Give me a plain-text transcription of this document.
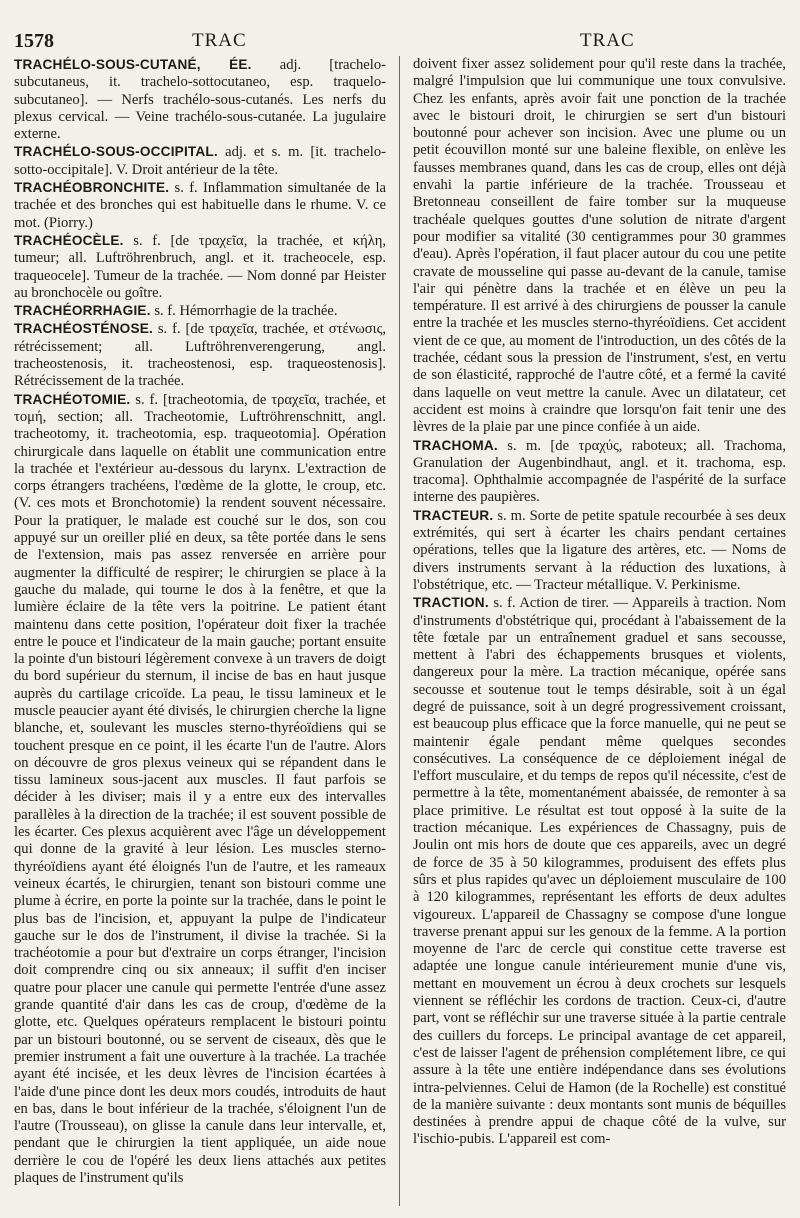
1578	TRAC	TRAC

TRACHÉLO-SOUS-CUTANÉ, ÉE. adj. [trachelo-subcutaneus, it. trachelo-sottocutaneo, esp. traquelo-subcutaneo]. — Nerfs trachélo-sous-cutanés. Les nerfs du plexus cervical. — Veine trachélo-sous-cutanée. La jugulaire externe.

TRACHÉLO-SOUS-OCCIPITAL. adj. et s. m. [it. trachelo-sotto-occipitale]. V. Droit antérieur de la tête.

TRACHÉOBRONCHITE. s. f. Inflammation simultanée de la trachée et des bronches qui est habituelle dans le rhume. V. ce mot. (Piorry.)

TRACHÉOCÈLE. s. f. [de τραχεῖα, la trachée, et κήλη, tumeur; all. Luftröhrenbruch, angl. et it. tracheocele, esp. traqueocele]. Tumeur de la trachée. — Nom donné par Heister au bronchocèle ou goître.

TRACHÉORRHAGIE. s. f. Hémorrhagie de la trachée.

TRACHÉOSTÉNOSE. s. f. [de τραχεῖα, trachée, et στένωσις, rétrécissement; all. Luftröhrenverengerung, angl. tracheostenosis, it. tracheostenosi, esp. traqueostenosis]. Rétrécissement de la trachée.

TRACHÉOTOMIE. s. f. [tracheotomia, de τραχεῖα, trachée, et τομή, section; all. Tracheotomie, Luftröhrenschnitt, angl. tracheotomy, it. tracheotomia, esp. traqueotomia]. Opération chirurgicale dans laquelle on établit une communication entre la trachée et l'extérieur au-dessous du larynx. L'extraction de corps étrangers trachéens, l'œdème de la glotte, le croup, etc. (V. ces mots et Bronchotomie) la rendent souvent nécessaire. Pour la pratiquer, le malade est couché sur le dos, son cou appuyé sur un oreiller plié en deux, sa tête portée dans le sens de l'extension, mais pas assez renversée en arrière pour augmenter la difficulté de respirer; le chirurgien se place à la gauche du malade, qui tourne le dos à la fenêtre, et que la lumière éclaire de la tête vers la poitrine. Le patient étant maintenu dans cette position, l'opérateur doit fixer la trachée entre le pouce et l'indicateur de la main gauche; portant ensuite la pointe d'un bistouri légèrement convexe à un travers de doigt du bord supérieur du sternum, il incise de bas en haut jusque auprès du cartilage cricoïde. La peau, le tissu lamineux et le muscle peaucier ayant été divisés, le chirurgien cherche la ligne blanche, et, soulevant les muscles sterno-thyréoïdiens qui se touchent presque en ce point, il les écarte l'un de l'autre. Alors on découvre de gros plexus veineux qui se répandent dans le tissu lamineux sous-jacent aux muscles. Il faut parfois se décider à les diviser; mais il y a entre eux des intervalles parallèles à la direction de la trachée; il est souvent possible de les écarter. Ces plexus acquièrent avec l'âge un développement qui donne de la gravité à leur lésion. Les muscles sterno-thyréoïdiens ayant été éloignés l'un de l'autre, et les rameaux veineux écartés, le chirurgien, tenant son bistouri comme une plume à écrire, en porte la pointe sur la trachée, dans le point le plus bas de l'incision, et, appuyant la pulpe de l'indicateur gauche sur le dos de l'instrument, il divise la trachée. Si la trachéotomie a pour but d'extraire un corps étranger, l'incision doit comprendre cinq ou six anneaux; il suffit d'en inciser quatre pour placer une canule qui permette l'entrée d'une assez grande quantité d'air dans les cas de croup, d'œdème de la glotte, etc. Quelques opérateurs remplacent le bistouri pointu par un bistouri boutonné, ou se servent de ciseaux, dès que le premier instrument a fait une ouverture à la trachée. La trachée ayant été incisée, et les deux lèvres de l'incision écartées à l'aide d'une pince dont les deux mors coudés, introduits de haut en bas, dans le bout inférieur de la trachée, s'éloignent l'un de l'autre (Trousseau), on glisse la canule dans leur intervalle, et, pendant que le chirurgien la tient appliquée, un aide noue derrière le cou de l'opéré les deux liens attachés aux petites plaques de l'instrument qu'ils

doivent fixer assez solidement pour qu'il reste dans la trachée, malgré l'impulsion que lui communique une toux convulsive. Chez les enfants, après avoir fait une ponction de la trachée avec le bistouri droit, le chirurgien se sert d'un bistouri boutonné pour achever son incision. Avec une plume ou un petit écouvillon monté sur une baleine flexible, on enlève les fausses membranes quand, dans les cas de croup, elles ont déjà envahi la partie inférieure de la trachée. Trousseau et Bretonneau conseillent de faire tomber sur la muqueuse trachéale quelques gouttes d'une solution de nitrate d'argent pour modifier sa vitalité (30 centigrammes pour 30 grammes d'eau). Après l'opération, il faut placer autour du cou une petite cravate de mousseline qui passe au-devant de la canule, tamise l'air qui pénètre dans la trachée et en élève un peu la température. Il est arrivé à des chirurgiens de pousser la canule entre la trachée et les muscles sterno-thyréoïdiens. Cet accident vient de ce que, au moment de l'introduction, un des côtés de la trachée, cédant sous la pression de l'instrument, s'est, en vertu de son élasticité, rapproché de l'autre côté, et a fermé la cavité dans laquelle on veut mettre la canule. Avec un dilatateur, cet accident est moins à craindre que lorsqu'on fait tenir une des lèvres de la plaie par une pince confiée à un aide.

TRACHOMA. s. m. [de τραχύς, raboteux; all. Trachoma, Granulation der Augenbindhaut, angl. et it. trachoma, esp. tracoma]. Ophthalmie accompagnée de l'aspérité de la surface interne des paupières.

TRACTEUR. s. m. Sorte de petite spatule recourbée à ses deux extrémités, qui sert à écarter les chairs pendant certaines opérations, telles que la ligature des artères, etc. — Noms de divers instruments servant à la réduction des luxations, à l'obstétrique, etc. — Tracteur métallique. V. Perkinisme.

TRACTION. s. f. Action de tirer. — Appareils à traction. Nom d'instruments d'obstétrique qui, procédant à l'abaissement de la tête fœtale par un entraînement graduel et sans secousse, mettent à l'abri des échappements brusques et violents, dangereux pour la mère. La traction mécanique, opérée sans secousse et soutenue tout le temps désirable, soit à un égal degré de puissance, soit à un degré progressivement croissant, est beaucoup plus efficace que la force manuelle, qui ne peut se maintenir égale pendant même quelques secondes consécutives. La conséquence de ce déploiement inégal de l'effort musculaire, et du temps de repos qu'il nécessite, c'est de permettre à la tête, momentanément abaissée, de remonter à sa place primitive. Le résultat est tout opposé à la suite de la traction mécanique. Les expériences de Chassagny, puis de Joulin ont mis hors de doute que ces appareils, avec un degré de force de 35 à 50 kilogrammes, produisent des effets plus sûrs et plus rapides qu'avec un déploiement musculaire de 100 à 120 kilogrammes, représentant les efforts de deux adultes vigoureux. L'appareil de Chassagny se compose d'une longue traverse prenant appui sur les genoux de la femme. A la portion moyenne de l'arc de cercle qui constitue cette traverse est adaptée une longue canule intérieurement munie d'une vis, mettant en mouvement un écrou à deux crochets sur lesquels viennent se réfléchir les cordons de traction. Ceux-ci, d'autre part, vont se réfléchir sur une traverse située à la partie centrale des cuillers du forceps. Le principal avantage de cet appareil, c'est de laisser l'agent de préhension complétement libre, ce qui assure à la tête une entière indépendance dans ses évolutions intra-pelviennes. Celui de Hamon (de la Rochelle) est constitué de la manière suivante : deux montants sont munis de béquilles destinées à prendre appui de chaque côté de la vulve, sur l'ischio-pubis. L'appareil est com-
